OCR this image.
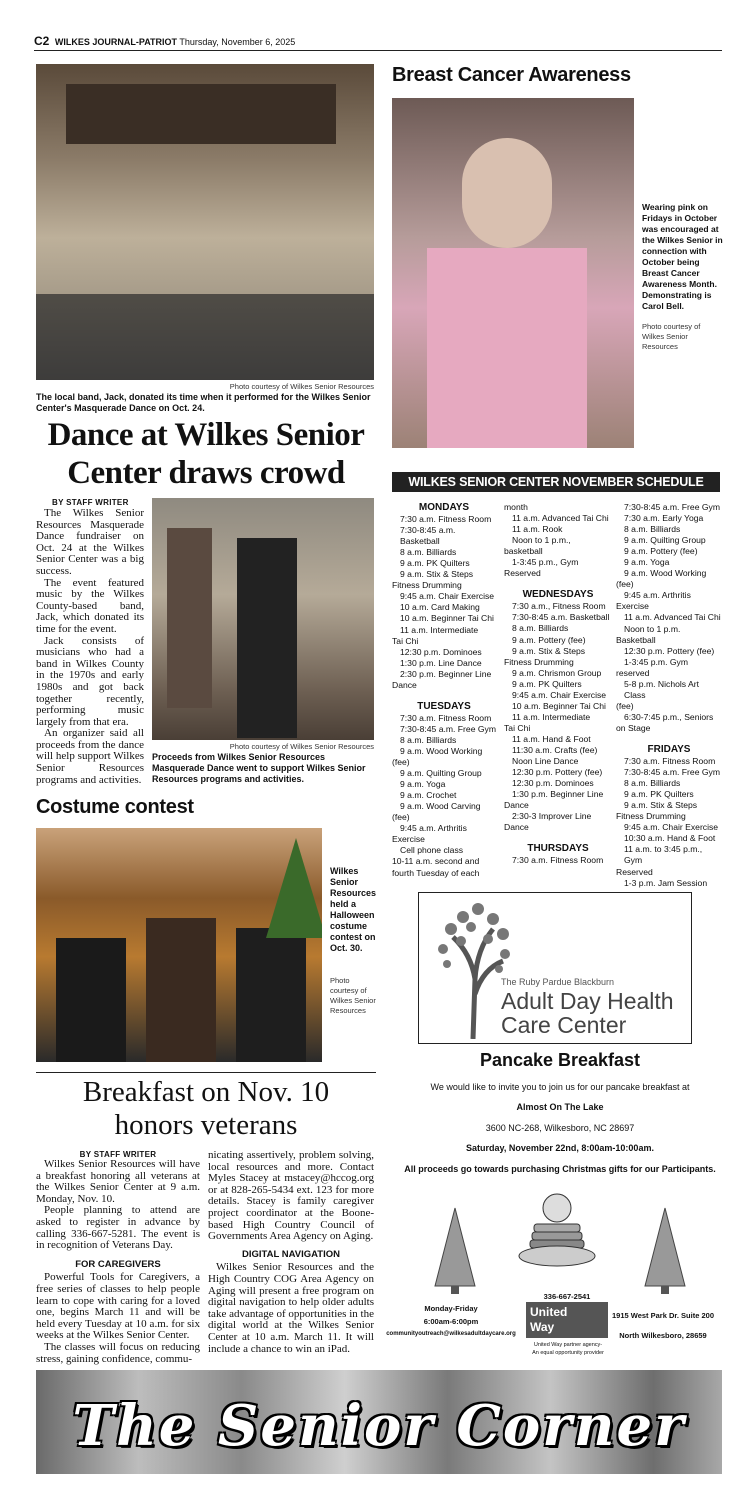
C2 WILKES JOURNAL-PATRIOT Thursday, November 6, 2025
Photo courtesy of Wilkes Senior Resources
The local band, Jack, donated its time when it performed for the Wilkes Senior Center's Masquerade Dance on Oct. 24.
Breast Cancer Awareness
Wearing pink on Fridays in October was encouraged at the Wilkes Senior in connection with October being Breast Cancer Awareness Month. Demonstrating is Carol Bell.
Photo courtesy of Wilkes Senior Resources
Dance at Wilkes Senior
Center draws crowd
BY STAFF WRITER

The Wilkes Senior Resources Masquerade Dance fundraiser on Oct. 24 at the Wilkes Senior Center was a big success.

The event featured music by the Wilkes County-based band, Jack, which donated its time for the event.

Jack consists of musicians who had a band in Wilkes County in the 1970s and early 1980s and got back together recently, performing music largely from that era.

An organizer said all proceeds from the dance will help support Wilkes Senior Resources programs and activities.

Photo courtesy of Wilkes Senior Resources
Proceeds from Wilkes Senior Resources Masquerade Dance went to support Wilkes Senior Resources programs and activities.
Costume contest
Wilkes Senior Resources held a Halloween costume contest on Oct. 30.
Photo courtesy of Wilkes Senior Resources
WILKES SENIOR CENTER NOVEMBER SCHEDULE
MONDAYS
7:30 a.m. Fitness Room
7:30-8:45 a.m. Basketball
8 a.m. Billiards
9 a.m. PK Quilters
9 a.m. Stix & Steps
Fitness Drumming
9:45 a.m. Chair Exercise
10 a.m. Card Making
10 a.m. Beginner Tai Chi
11 a.m. Intermediate
Tai Chi
12:30 p.m. Dominoes
1:30 p.m. Line Dance
2:30 p.m. Beginner Line
Dance
TUESDAYS
7:30 a.m. Fitness Room
7:30-8:45 a.m. Free Gym
8 a.m. Billiards
9 a.m. Wood Working
(fee)
9 a.m. Quilting Group
9 a.m. Yoga
9 a.m. Crochet
9 a.m. Wood Carving
(fee)
9:45 a.m. Arthritis
Exercise
Cell phone class
10-11 a.m. second and
fourth Tuesday of each
month
11 a.m. Advanced Tai Chi
11 a.m. Rook
Noon to 1 p.m.,
basketball
1-3:45 p.m., Gym
Reserved
WEDNESDAYS
7:30 a.m., Fitness Room
7:30-8:45 a.m. Basketball
8 a.m. Billiards
9 a.m. Pottery (fee)
9 a.m. Stix & Steps
Fitness Drumming
9 a.m. Chrismon Group
9 a.m. PK Quilters
9:45 a.m. Chair Exercise
10 a.m. Beginner Tai Chi
11 a.m. Intermediate
Tai Chi
11 a.m. Hand & Foot
11:30 a.m. Crafts (fee)
Noon Line Dance
12:30 p.m. Pottery (fee)
12:30 p.m. Dominoes
1:30 p.m. Beginner Line
Dance
2:30-3 Improver Line
Dance
THURSDAYS
7:30 a.m. Fitness Room
7:30-8:45 a.m. Free Gym
7:30 a.m. Early Yoga
8 a.m. Billiards
9 a.m. Quilting Group
9 a.m. Pottery (fee)
9 a.m. Yoga
9 a.m. Wood Working
(fee)
9:45 a.m. Arthritis
Exercise
11 a.m. Advanced Tai Chi
Noon to 1 p.m.
Basketball
12:30 p.m. Pottery (fee)
1-3:45 p.m. Gym
reserved
5-8 p.m. Nichols Art Class
(fee)
6:30-7:45 p.m., Seniors
on Stage
FRIDAYS
7:30 a.m. Fitness Room
7:30-8:45 a.m. Free Gym
8 a.m. Billiards
9 a.m. PK Quilters
9 a.m. Stix & Steps
Fitness Drumming
9:45 a.m. Chair Exercise
10:30 a.m. Hand & Foot
11 a.m. to 3:45 p.m., Gym
Reserved
1-3 p.m. Jam Session
The Ruby Pardue Blackburn
Adult Day Health
Care Center
Pancake Breakfast
We would like to invite you to join us for our pancake breakfast at
Almost On The Lake
3600 NC-268, Wilkesboro, NC 28697
Saturday, November 22nd, 8:00am-10:00am.
All proceeds go towards purchasing Christmas gifts for our Participants.
Monday-Friday
6:00am-6:00pm
communityoutreach@wilkesadultdaycare.org
336-667-2541
United
Way
United Way partner agency-
An equal opportunity provider
1915 West Park Dr. Suite 200
North Wilkesboro, 28659
Breakfast on Nov. 10
honors veterans
BY STAFF WRITER

Wilkes Senior Resources will have a breakfast honoring all veterans at the Wilkes Senior Center at 9 a.m. Monday, Nov. 10.

People planning to attend are asked to register in advance by calling 336-667-5281. The event is in recognition of Veterans Day.

FOR CAREGIVERS

Powerful Tools for Caregivers, a free series of classes to help people learn to cope with caring for a loved one, begins March 11 and will be held every Tuesday at 10 a.m. for six weeks at the Wilkes Senior Center.

The classes will focus on reducing stress, gaining confidence, commu-

nicating assertively, problem solving, local resources and more. Contact Myles Stacey at mstacey@hccog.org or at 828-265-5434 ext. 123 for more details. Stacey is family caregiver project coordinator at the Boone-based High Country Council of Governments Area Agency on Aging.

DIGITAL NAVIGATION

Wilkes Senior Resources and the High Country COG Area Agency on Aging will present a free program on digital navigation to help older adults take advantage of opportunities in the digital world at the Wilkes Senior Center at 10 a.m. March 11. It will include a chance to win an iPad.

The Senior Corner
